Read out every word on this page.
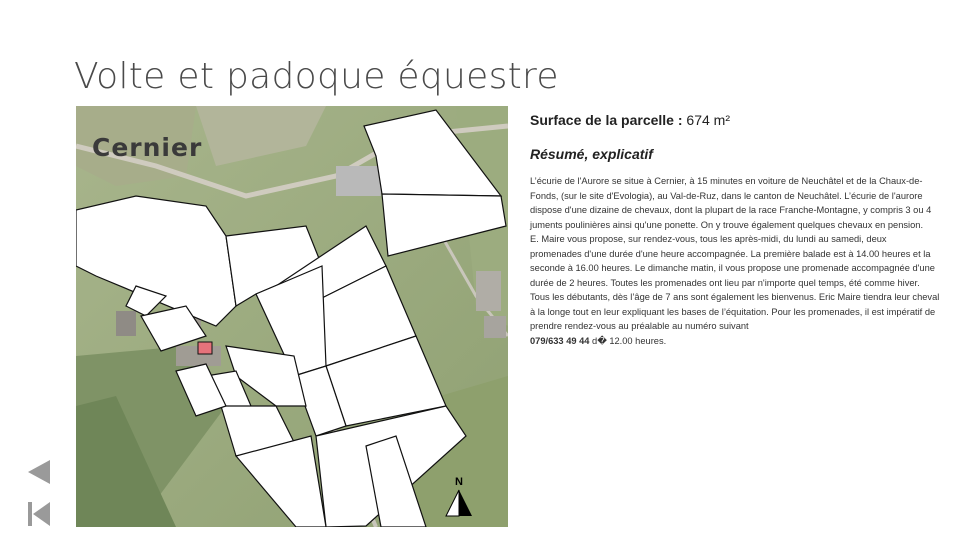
Volte et padoque équestre
Cernier
N
Surface de la parcelle : 674 m²
Résumé, explicatif

L’écurie de l'Aurore se situe à Cernier, à 15 minutes en voiture de Neuchâtel et de la Chaux-de-Fonds, (sur le site d'Evologia), au Val-de-Ruz, dans le canton de Neuchâtel. L’écurie de l'aurore dispose d'une dizaine de chevaux, dont la plupart de la race Franche-Montagne, y compris 3 ou 4 juments poulinières ainsi qu'une ponette. On y trouve également quelques chevaux en pension.

E. Maire vous propose, sur rendez-vous, tous les après-midi, du lundi au samedi, deux promenades d'une durée d'une heure accompagnée. La première balade est à 14.00 heures et la seconde à 16.00 heures. Le dimanche matin, il vous propose une promenade accompagnée d'une durée de 2 heures. Toutes les promenades ont lieu par n'importe quel temps, été comme hiver.

Tous les débutants, dès l’âge de 7 ans sont également les bienvenus. Eric Maire tiendra leur cheval à la longe tout en leur expliquant les bases de l’équitation. Pour les promenades, il est impératif de prendre rendez-vous au préalable au numéro suivant

079/633 49 44 d� 12.00 heures.
